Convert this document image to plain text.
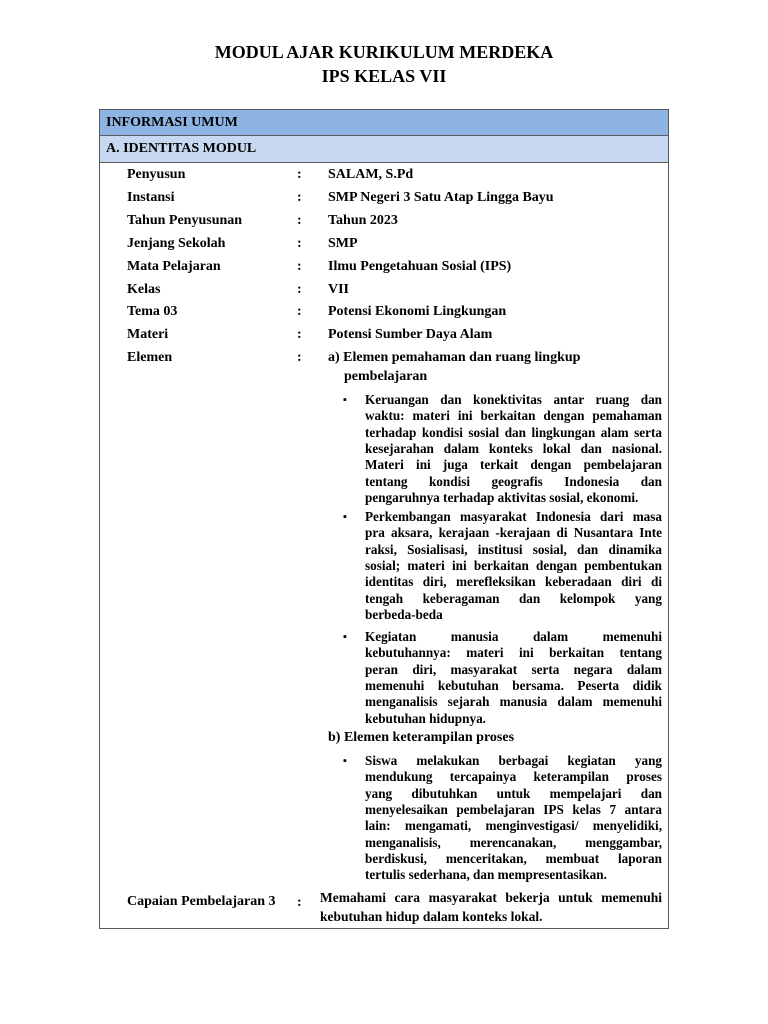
MODUL AJAR KURIKULUM MERDEKA
IPS KELAS VII
INFORMASI UMUM
A. IDENTITAS MODUL
Penyusun	: SALAM, S.Pd
Instansi	: SMP Negeri 3 Satu Atap Lingga Bayu
Tahun Penyusunan	: Tahun 2023
Jenjang Sekolah	: SMP
Mata Pelajaran	: Ilmu Pengetahuan Sosial (IPS)
Kelas	: VII
Tema 03	: Potensi Ekonomi Lingkungan
Materi	: Potensi Sumber Daya Alam
Elemen	: a) Elemen pemahaman dan ruang lingkup
pembelajaran
▪ Keruangan dan konektivitas antar ruang dan
waktu: materi ini berkaitan dengan pemahaman
terhadap kondisi sosial dan lingkungan alam serta
kesejarahan dalam konteks lokal dan nasional.
Materi ini juga terkait dengan pembelajaran
tentang kondisi geografis Indonesia dan
pengaruhnya terhadap aktivitas sosial, ekonomi.
▪ Perkembangan masyarakat Indonesia dari masa
pra aksara, kerajaan -kerajaan di Nusantara Inte
raksi, Sosialisasi, institusi sosial, dan dinamika
sosial; materi ini berkaitan dengan pembentukan
identitas diri, merefleksikan keberadaan diri di
tengah keberagaman dan kelompok yang
berbeda-beda
▪ Kegiatan manusia dalam memenuhi
kebutuhannya: materi ini berkaitan tentang
peran diri, masyarakat serta negara dalam
memenuhi kebutuhan bersama. Peserta didik
menganalisis sejarah manusia dalam memenuhi
kebutuhan hidupnya.
b) Elemen keterampilan proses
▪ Siswa melakukan berbagai kegiatan yang
mendukung tercapainya keterampilan proses
yang dibutuhkan untuk mempelajari dan
menyelesaikan pembelajaran IPS kelas 7 antara
lain: mengamati, menginvestigasi/ menyelidiki,
menganalisis, merencanakan, menggambar,
berdiskusi, menceritakan, membuat laporan
tertulis sederhana, dan mempresentasikan.
Capaian Pembelajaran 3 : Memahami cara masyarakat bekerja untuk memenuhi
kebutuhan hidup dalam konteks lokal.
